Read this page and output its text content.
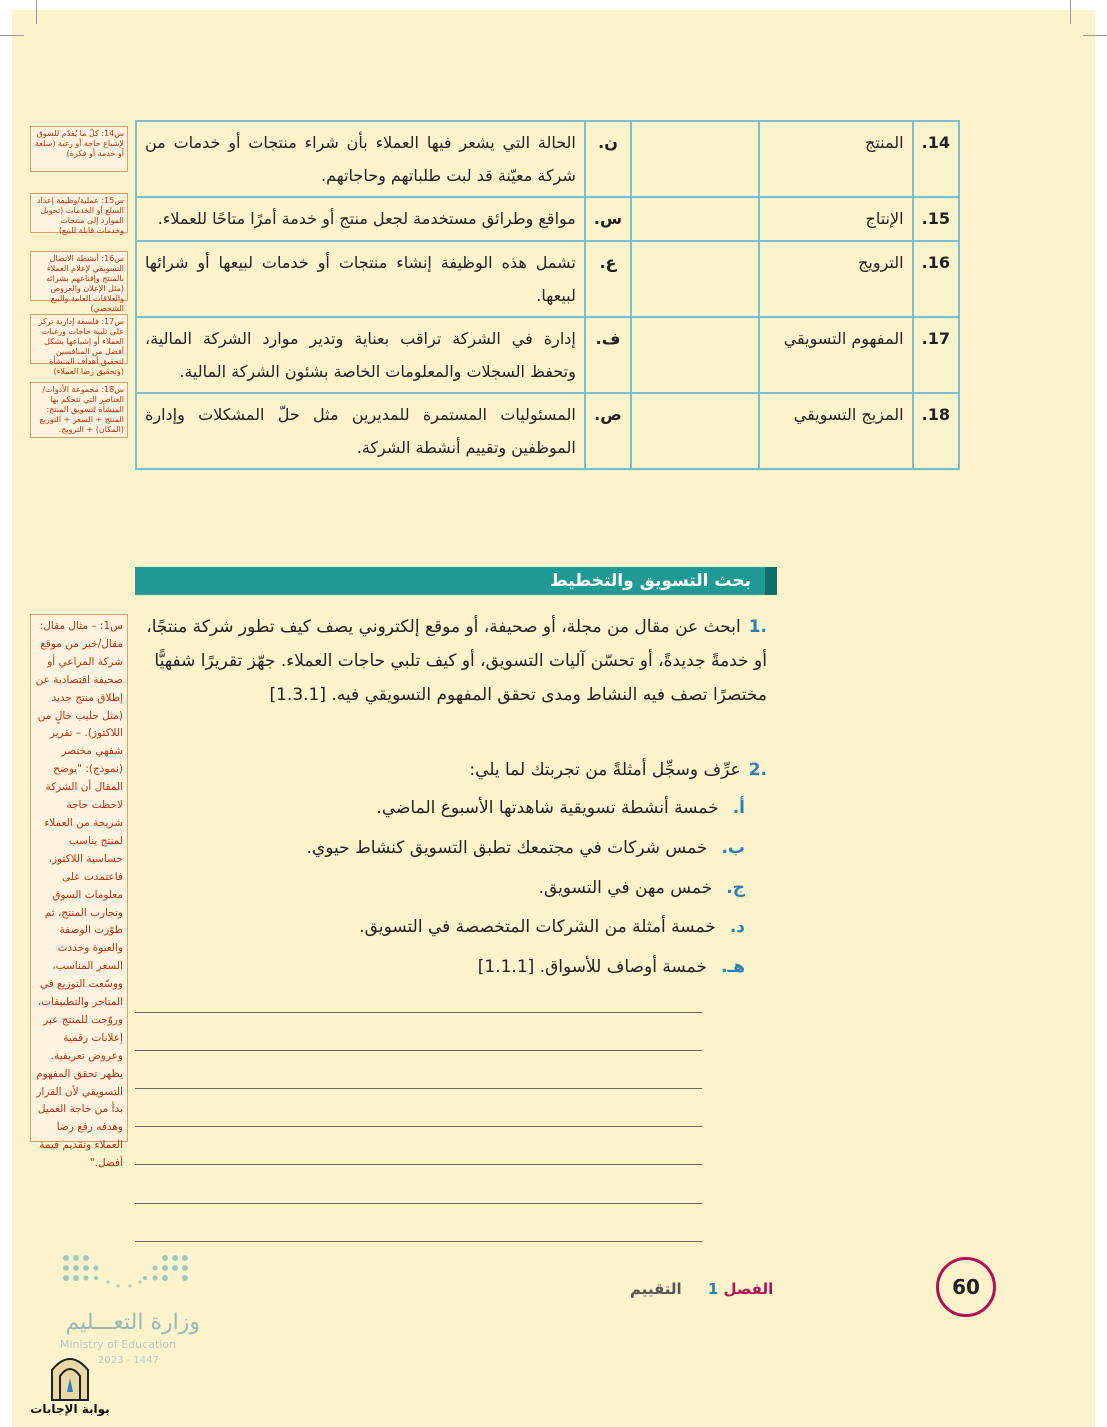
14.	المنتج		ن.	الحالة التي يشعر فيها العملاء بأن شراء منتجات أو خدمات من شركة معيّنة قد لبت طلباتهم وحاجاتهم.
15.	الإنتاج		س.	مواقع وطرائق مستخدمة لجعل منتج أو خدمة أمرًا متاحًا للعملاء.
16.	الترويج		ع.	تشمل هذه الوظيفة إنشاء منتجات أو خدمات لبيعها أو شرائها لبيعها.
17.	المفهوم التسويقي		ف.	إدارة في الشركة تراقب بعناية وتدير موارد الشركة المالية، وتحفظ السجلات والمعلومات الخاصة بشئون الشركة المالية.
18.	المزيج التسويقي		ص.	المسئوليات المستمرة للمديرين مثل حلّ المشكلات وإدارة الموظفين وتقييم أنشطة الشركة.
س14: كلٌ ما يُقدّم للسوق لإشباع حاجة أو رغبة (سلعة أو خدمة أو فكرة)
س15: عملية/وظيفة إعداد السلع أو الخدمات (تحويل الموارد إلى منتجات وخدمات قابلة للبيع)
س16: أنشطة الاتصال التسويقي لإعلام العملاء بالمنتج وإقناعهم بشرائه (مثل الإعلان والعروض والعلاقات العامة والبيع الشخصي)
س17: فلسفة إدارية تركز على تلبية حاجات ورغبات العملاء أو إشباعها بشكل أفضل من المنافسين لتحقيق أهداف المنشأة (وتحقيق رضا العملاء)
س18: مجموعة الأدوات/العناصر التي تتحكم بها المنشأة لتسويق المنتج: المنتج + السعر + التوزيع (المكان) + الترويج.
بحث التسويق والتخطيط
س1: – مثال مقال: مقال/خبر من موقع شركة المراعي أو صحيفة اقتصادية عن إطلاق منتج جديد (مثل حليب خالٍ من اللاكتوز). – تقرير شفهي مختصر (نموذج): "يوضح المقال أن الشركة لاحظت حاجة شريحة من العملاء لمنتج يناسب حساسية اللاكتوز، فاعتمدت على معلومات السوق وتجارب المنتج، ثم طوّرت الوصفة والعبوة وحددت السعر المناسب، ووسّعت التوزيع في المتاجر والتطبيقات، وروّجت للمنتج عبر إعلانات رقمية وعروض تعريفية. يظهر تحقق المفهوم التسويقي لأن القرار بدأ من حاجة العميل وهدفه رفع رضا العملاء وتقديم قيمة أفضل."
.1ابحث عن مقال من مجلة، أو صحيفة، أو موقع إلكتروني يصف كيف تطور شركة منتجًا، أو خدمةً جديدةً، أو تحسّن آليات التسويق، أو كيف تلبي حاجات العملاء. جهّز تقريرًا شفهيًّا مختصرًا تصف فيه النشاط ومدى تحقق المفهوم التسويقي فيه. [1.3.1]
.2عرِّف وسجِّل أمثلةً من تجربتك لما يلي:
أ.خمسة أنشطة تسويقية شاهدتها الأسبوع الماضي.
ب.خمس شركات في مجتمعك تطبق التسويق كنشاط حيوي.
ج.خمس مهن في التسويق.
د.خمسة أمثلة من الشركات المتخصصة في التسويق.
هـ.خمسة أوصاف للأسواق. [1.1.1]
الفصل 1     التقييم	60
وزارة التعـــليم
Ministry of Education
2023 - 1447
بوابة الإجابات
